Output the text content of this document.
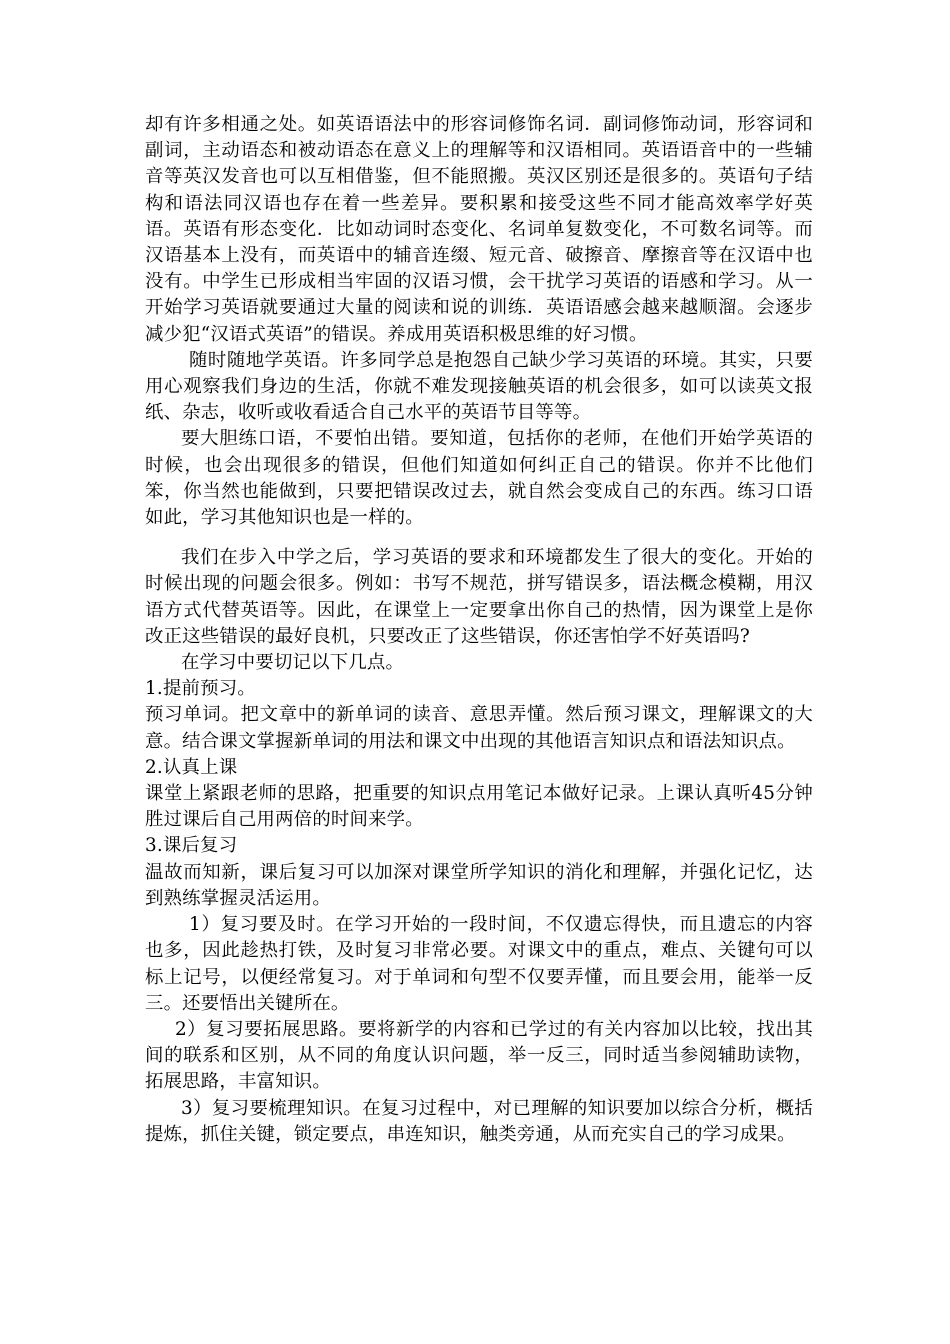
却有许多相通之处。如英语语法中的形容词修饰名词．副词修饰动词，形容词和副词，主动语态和被动语态在意义上的理解等和汉语相同。英语语音中的一些辅音等英汉发音也可以互相借鉴，但不能照搬。英汉区别还是很多的。英语句子结构和语法同汉语也存在着一些差异。要积累和接受这些不同才能高效率学好英语。英语有形态变化．比如动词时态变化、名词单复数变化，不可数名词等。而汉语基本上没有，而英语中的辅音连缀、短元音、破擦音、摩擦音等在汉语中也没有。中学生已形成相当牢固的汉语习惯，会干扰学习英语的语感和学习。从一开始学习英语就要通过大量的阅读和说的训练．英语语感会越来越顺溜。会逐步减少犯“汉语式英语”的错误。养成用英语积极思维的好习惯。

随时随地学英语。许多同学总是抱怨自己缺少学习英语的环境。其实，只要用心观察我们身边的生活，你就不难发现接触英语的机会很多，如可以读英文报纸、杂志，收听或收看适合自己水平的英语节目等等。

要大胆练口语，不要怕出错。要知道，包括你的老师，在他们开始学英语的时候，也会出现很多的错误，但他们知道如何纠正自己的错误。你并不比他们笨，你当然也能做到，只要把错误改过去，就自然会变成自己的东西。练习口语如此，学习其他知识也是一样的。

我们在步入中学之后，学习英语的要求和环境都发生了很大的变化。开始的时候出现的问题会很多。例如：书写不规范，拼写错误多，语法概念模糊，用汉语方式代替英语等。因此，在课堂上一定要拿出你自己的热情，因为课堂上是你改正这些错误的最好良机，只要改正了这些错误，你还害怕学不好英语吗?

在学习中要切记以下几点。

1.提前预习。

预习单词。把文章中的新单词的读音、意思弄懂。然后预习课文，理解课文的大意。结合课文掌握新单词的用法和课文中出现的其他语言知识点和语法知识点。

2.认真上课

课堂上紧跟老师的思路，把重要的知识点用笔记本做好记录。上课认真听45分钟胜过课后自己用两倍的时间来学。

3.课后复习

温故而知新，课后复习可以加深对课堂所学知识的消化和理解，并强化记忆，达到熟练掌握灵活运用。

1）复习要及时。在学习开始的一段时间，不仅遗忘得快，而且遗忘的内容也多，因此趁热打铁，及时复习非常必要。对课文中的重点，难点、关键句可以标上记号，以便经常复习。对于单词和句型不仅要弄懂，而且要会用，能举一反三。还要悟出关键所在。

2）复习要拓展思路。要将新学的内容和已学过的有关内容加以比较，找出其间的联系和区别，从不同的角度认识问题，举一反三，同时适当参阅辅助读物，拓展思路，丰富知识。

3）复习要梳理知识。在复习过程中，对已理解的知识要加以综合分析，概括提炼，抓住关键，锁定要点，串连知识，触类旁通，从而充实自己的学习成果。
